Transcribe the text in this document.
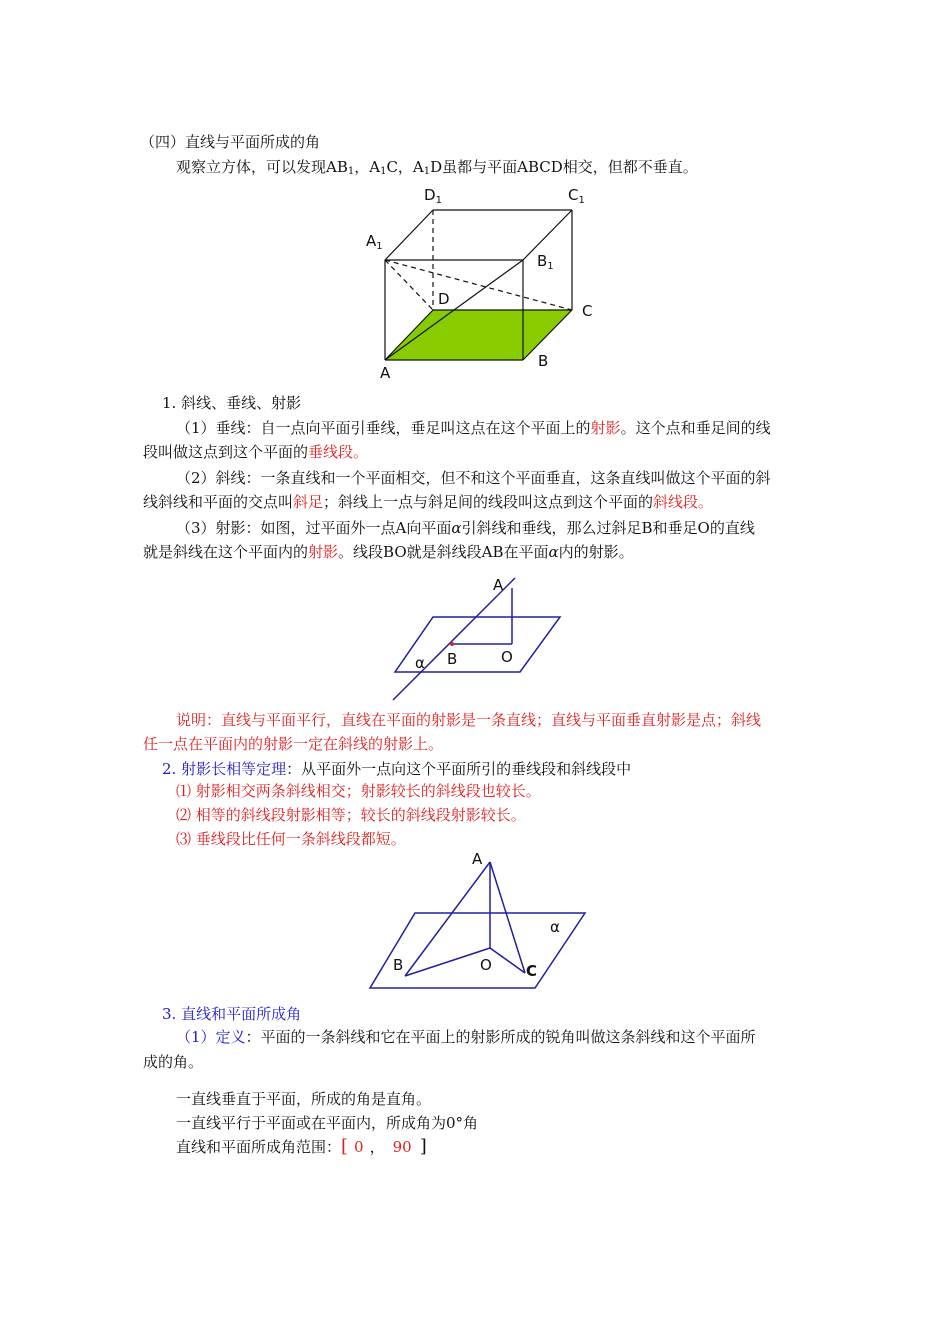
（四）直线与平面所成的角
观察立方体，可以发现$AB_1$，$A_1C$，$A_1D$虽都与平面ABCD相交，但都不垂直。
$D_1$	$C_1$
$A_1$
$B_1$
D
C
A
B
1. 斜线、垂线、射影
（1）垂线：自一点向平面引垂线，垂足叫这点在这个平面上的射影。这个点和垂足间的线
段叫做这点到这个平面的垂线段。
（2）斜线：一条直线和一个平面相交，但不和这个平面垂直，这条直线叫做这个平面的斜
线斜线和平面的交点叫斜足；斜线上一点与斜足间的线段叫这点到这个平面的斜线段。
（3）射影：如图，过平面外一点A向平面α引斜线和垂线，那么过斜足B和垂足O的直线
就是斜线在这个平面内的射影。线段BO就是斜线段AB在平面α内的射影。
A
B	O
α
说明：直线与平面平行，直线在平面的射影是一条直线；直线与平面垂直射影是点；斜线
任一点在平面内的射影一定在斜线的射影上。
2. 射影长相等定理：从平面外一点向这个平面所引的垂线段和斜线段中
⑴ 射影相交两条斜线相交；射影较长的斜线段也较长。
⑵ 相等的斜线段射影相等；较长的斜线段射影较长。
⑶ 垂线段比任何一条斜线段都短。
A
B	O C
α
3. 直线和平面所成角
（1）定义：平面的一条斜线和它在平面上的射影所成的锐角叫做这条斜线和这个平面所
成的角。
一直线垂直于平面，所成的角是直角。
一直线平行于平面或在平面内，所成角为0°角
直线和平面所成角范围：[ 0 ， 90 ]
